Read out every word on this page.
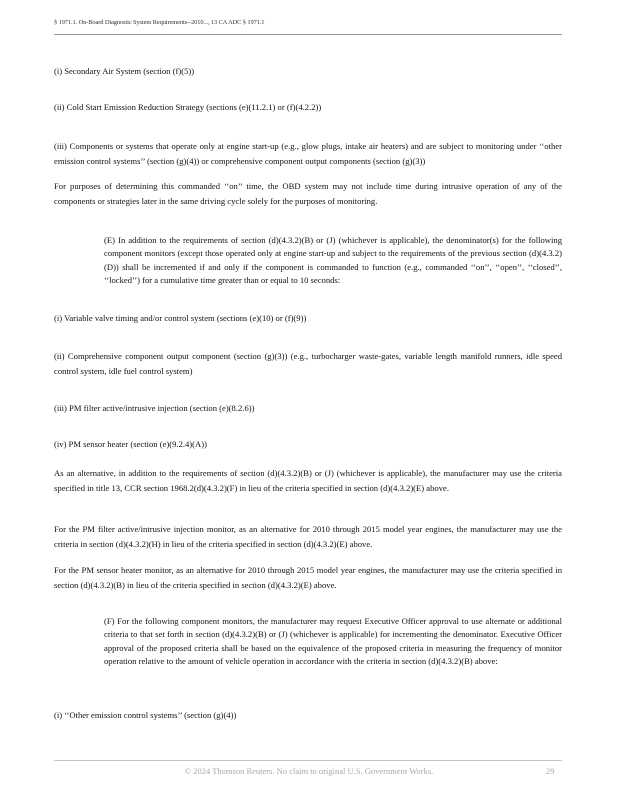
§ 1971.1. On-Board Diagnostic System Requirements--2010..., 13 CA ADC § 1971.1

(i) Secondary Air System (section (f)(5))

(ii) Cold Start Emission Reduction Strategy (sections (e)(11.2.1) or (f)(4.2.2))

(iii) Components or systems that operate only at engine start-up (e.g., glow plugs, intake air heaters) and are subject to monitoring under ‘‘other emission control systems’’ (section (g)(4)) or comprehensive component output components (section (g)(3))

For purposes of determining this commanded ‘‘on’’ time, the OBD system may not include time during intrusive operation of any of the components or strategies later in the same driving cycle solely for the purposes of monitoring.

(E) In addition to the requirements of section (d)(4.3.2)(B) or (J) (whichever is applicable), the denominator(s) for the following component monitors (except those operated only at engine start-up and subject to the requirements of the previous section (d)(4.3.2)(D)) shall be incremented if and only if the component is commanded to function (e.g., commanded ‘‘on’’, ‘‘open’’, ‘‘closed’’, ‘‘locked’’) for a cumulative time greater than or equal to 10 seconds:

(i) Variable valve timing and/or control system (sections (e)(10) or (f)(9))

(ii) Comprehensive component output component (section (g)(3)) (e.g., turbocharger waste-gates, variable length manifold runners, idle speed control system, idle fuel control system)

(iii) PM filter active/intrusive injection (section (e)(8.2.6))

(iv) PM sensor heater (section (e)(9.2.4)(A))

As an alternative, in addition to the requirements of section (d)(4.3.2)(B) or (J) (whichever is applicable), the manufacturer may use the criteria specified in title 13, CCR section 1968.2(d)(4.3.2)(F) in lieu of the criteria specified in section (d)(4.3.2)(E) above.

For the PM filter active/intrusive injection monitor, as an alternative for 2010 through 2015 model year engines, the manufacturer may use the criteria in section (d)(4.3.2)(H) in lieu of the criteria specified in section (d)(4.3.2)(E) above.

For the PM sensor heater monitor, as an alternative for 2010 through 2015 model year engines, the manufacturer may use the criteria specified in section (d)(4.3.2)(B) in lieu of the criteria specified in section (d)(4.3.2)(E) above.

(F) For the following component monitors, the manufacturer may request Executive Officer approval to use alternate or additional criteria to that set forth in section (d)(4.3.2)(B) or (J) (whichever is applicable) for incrementing the denominator. Executive Officer approval of the proposed criteria shall be based on the equivalence of the proposed criteria in measuring the frequency of monitor operation relative to the amount of vehicle operation in accordance with the criteria in section (d)(4.3.2)(B) above:

(i) ‘‘Other emission control systems’’ (section (g)(4))

© 2024 Thomson Reuters. No claim to original U.S. Government Works.	29
